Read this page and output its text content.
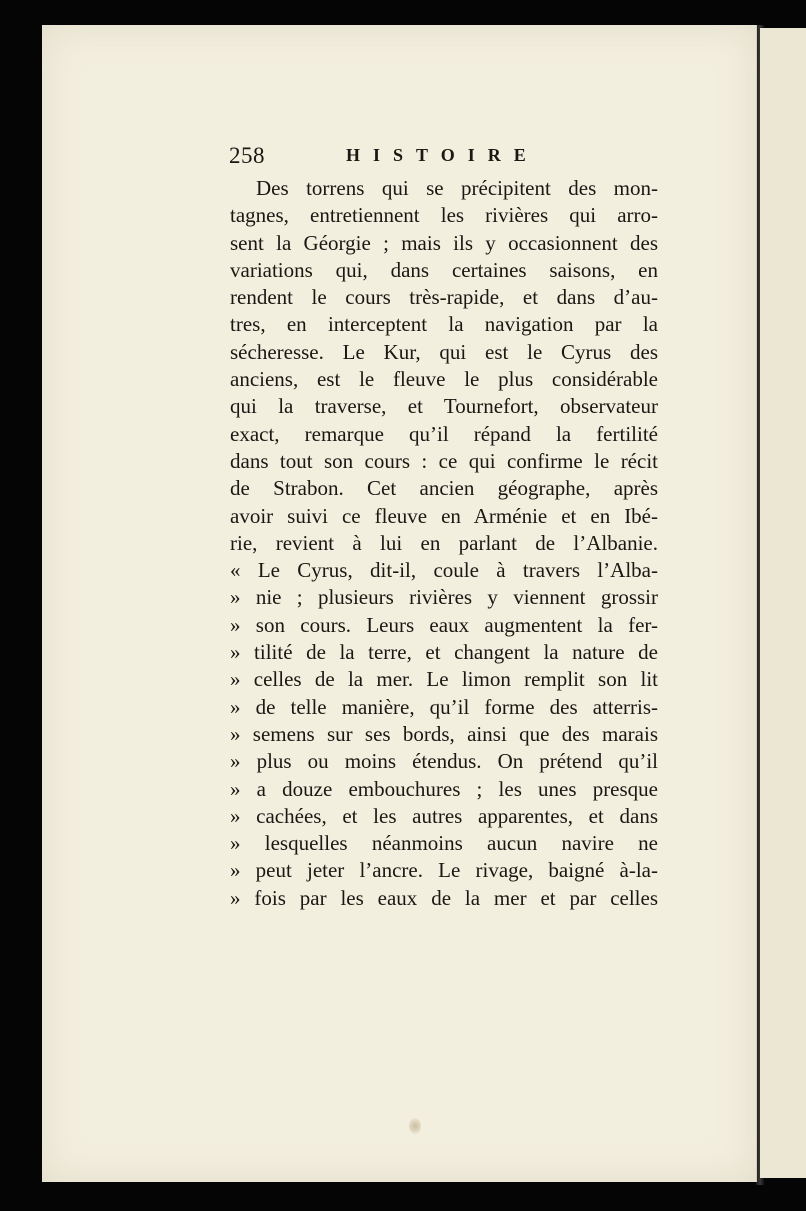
258	HISTOIRE
Des torrens qui se précipitent des mon-
tagnes, entretiennent les rivières qui arro-
sent la Géorgie ; mais ils y occasionnent des
variations qui, dans certaines saisons, en
rendent le cours très-rapide, et dans d’au-
tres, en interceptent la navigation par la
sécheresse. Le Kur, qui est le Cyrus des
anciens, est le fleuve le plus considérable
qui la traverse, et Tournefort, observateur
exact, remarque qu’il répand la fertilité
dans tout son cours : ce qui confirme le récit
de Strabon. Cet ancien géographe, après
avoir suivi ce fleuve en Arménie et en Ibé-
rie, revient à lui en parlant de l’Albanie.
« Le Cyrus, dit-il, coule à travers l’Alba-
» nie ; plusieurs rivières y viennent grossir
» son cours. Leurs eaux augmentent la fer-
» tilité de la terre, et changent la nature de
» celles de la mer. Le limon remplit son lit
» de telle manière, qu’il forme des atterris-
» semens sur ses bords, ainsi que des marais
» plus ou moins étendus. On prétend qu’il
» a douze embouchures ; les unes presque
» cachées, et les autres apparentes, et dans
» lesquelles néanmoins aucun navire ne
» peut jeter l’ancre. Le rivage, baigné à-la-
» fois par les eaux de la mer et par celles
